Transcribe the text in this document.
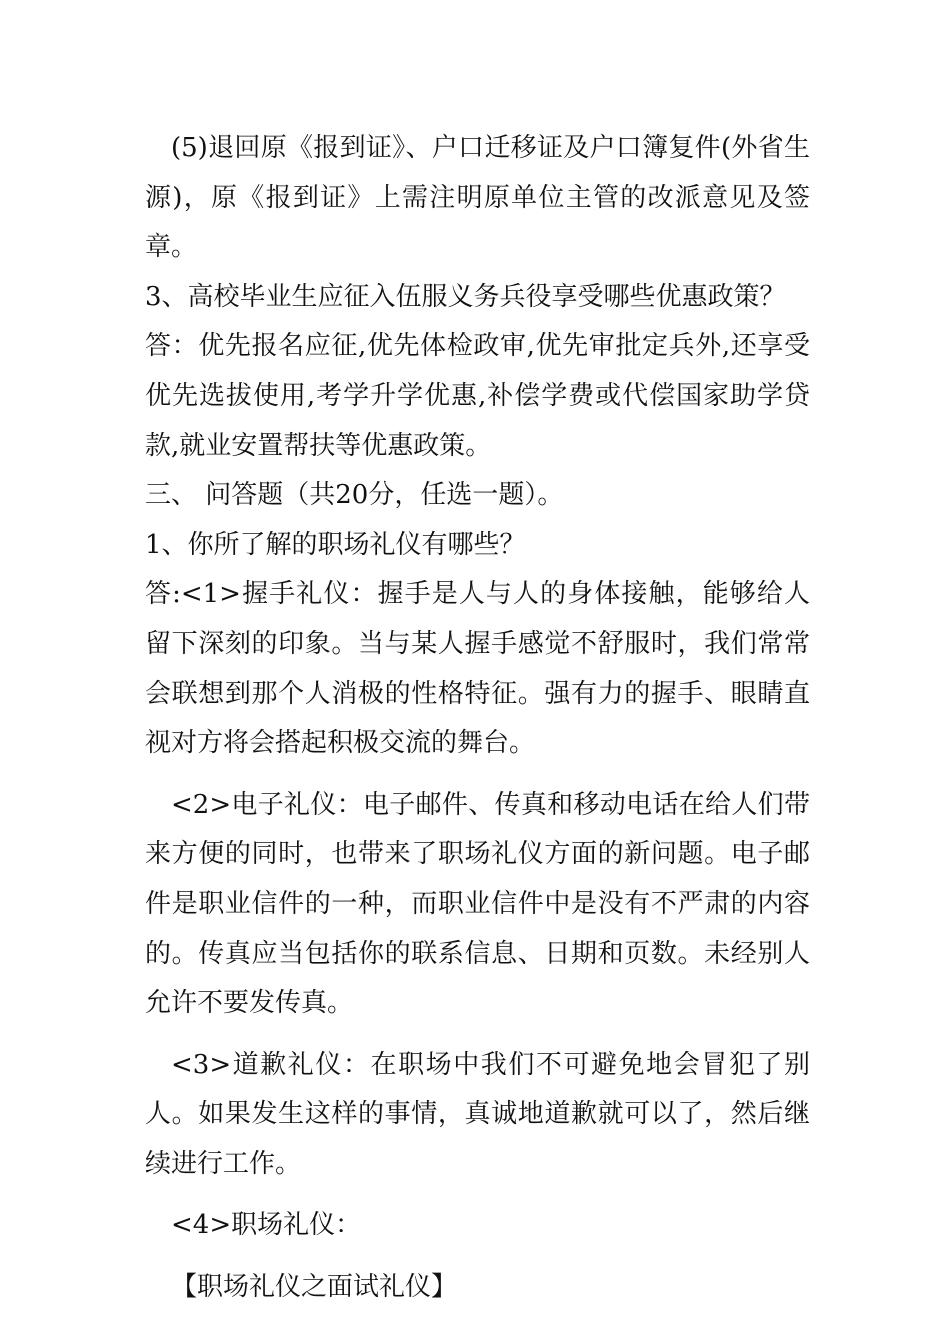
(5)退回原《报到证》、户口迁移证及户口簿复件(外省生源)，原《报到证》上需注明原单位主管的改派意见及签章。

3、高校毕业生应征入伍服义务兵役享受哪些优惠政策？

答：优先报名应征,优先体检政审,优先审批定兵外,还享受优先选拔使用,考学升学优惠,补偿学费或代偿国家助学贷款,就业安置帮扶等优惠政策。

三、 问答题（共20分，任选一题）。

1、你所了解的职场礼仪有哪些？

答:<1>握手礼仪：握手是人与人的身体接触，能够给人留下深刻的印象。当与某人握手感觉不舒服时，我们常常会联想到那个人消极的性格特征。强有力的握手、眼睛直视对方将会搭起积极交流的舞台。

<2>电子礼仪：电子邮件、传真和移动电话在给人们带来方便的同时，也带来了职场礼仪方面的新问题。电子邮件是职业信件的一种，而职业信件中是没有不严肃的内容的。传真应当包括你的联系信息、日期和页数。未经别人允许不要发传真。

<3>道歉礼仪：在职场中我们不可避免地会冒犯了别人。如果发生这样的事情，真诚地道歉就可以了，然后继续进行工作。

<4>职场礼仪：

【职场礼仪之面试礼仪】
